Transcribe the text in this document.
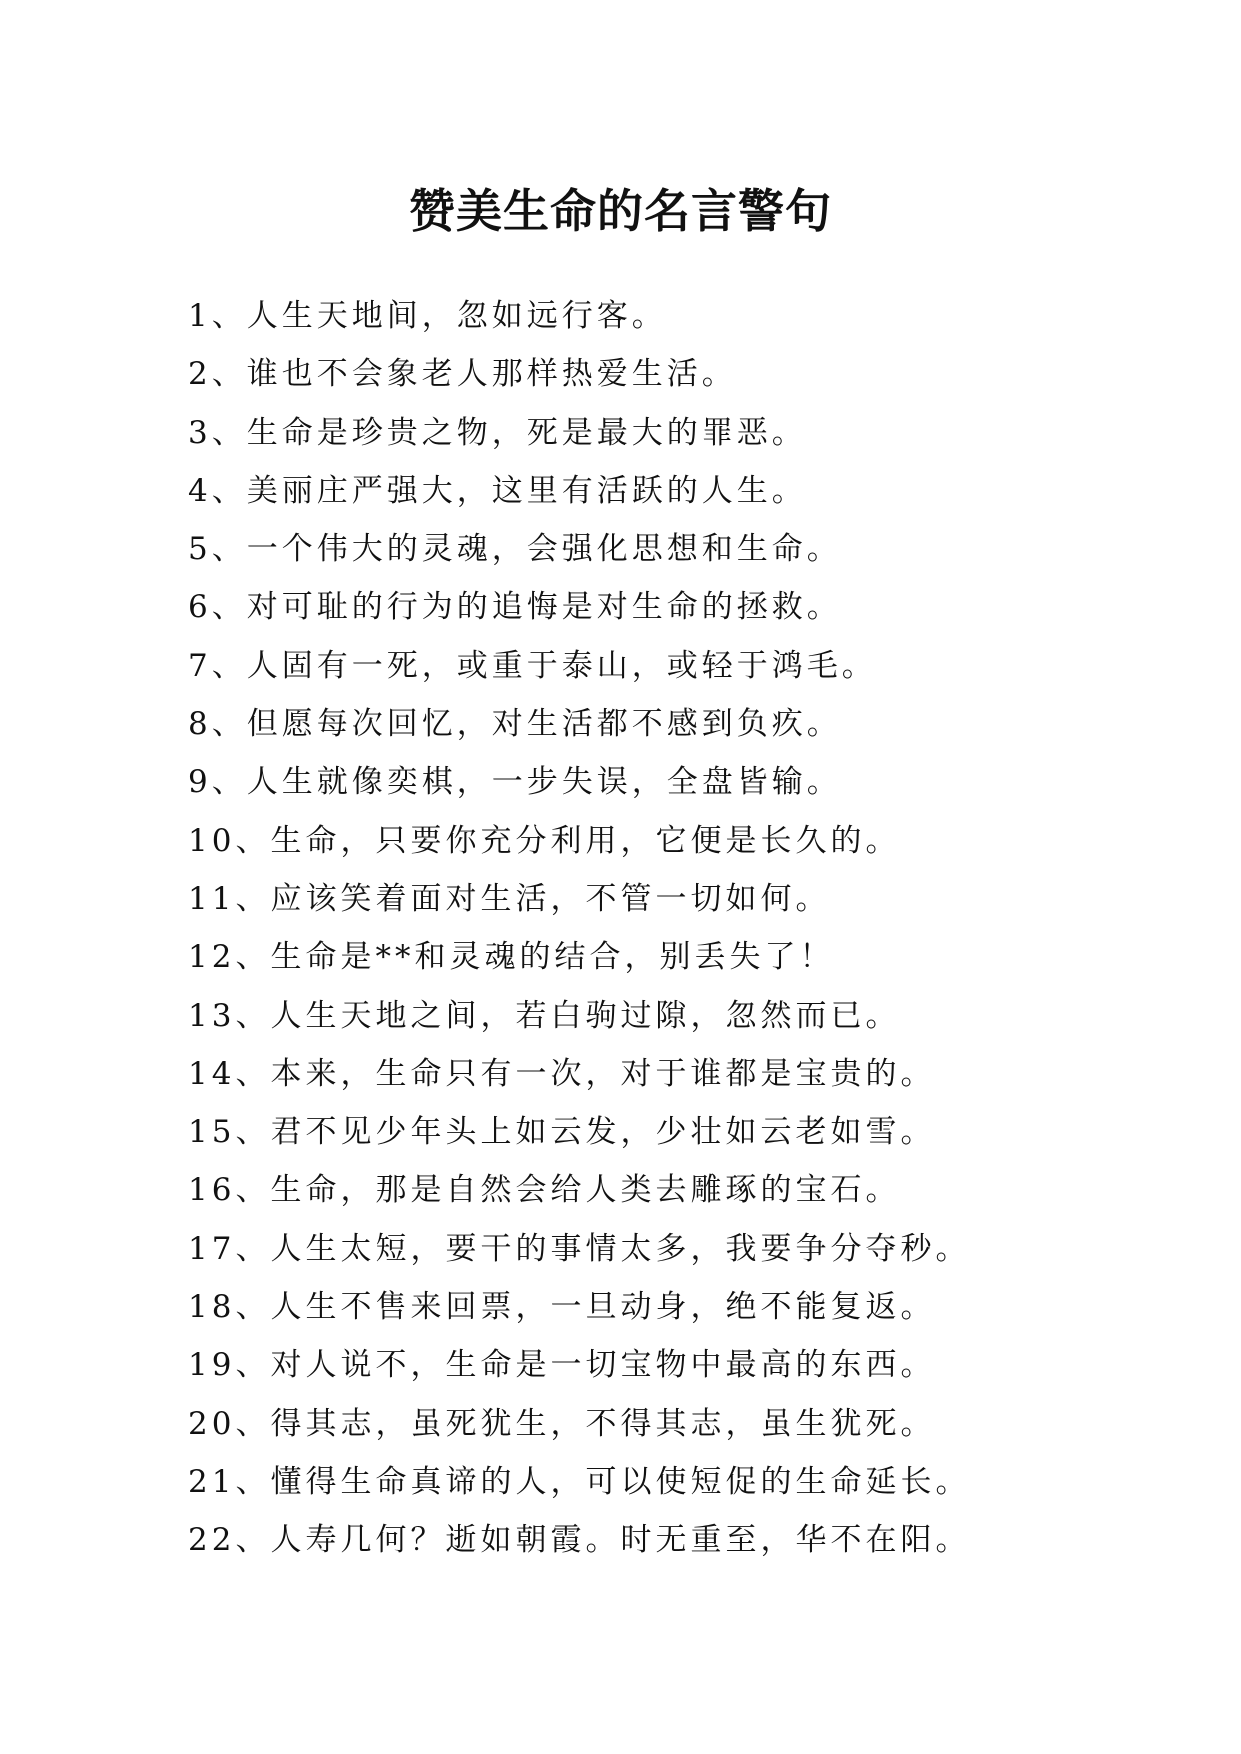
赞美生命的名言警句
1、人生天地间，忽如远行客。
2、谁也不会象老人那样热爱生活。
3、生命是珍贵之物，死是最大的罪恶。
4、美丽庄严强大，这里有活跃的人生。
5、一个伟大的灵魂，会强化思想和生命。
6、对可耻的行为的追悔是对生命的拯救。
7、人固有一死，或重于泰山，或轻于鸿毛。
8、但愿每次回忆，对生活都不感到负疚。
9、人生就像奕棋，一步失误，全盘皆输。
10、生命，只要你充分利用，它便是长久的。
11、应该笑着面对生活，不管一切如何。
12、生命是**和灵魂的结合，别丢失了！
13、人生天地之间，若白驹过隙，忽然而已。
14、本来，生命只有一次，对于谁都是宝贵的。
15、君不见少年头上如云发，少壮如云老如雪。
16、生命，那是自然会给人类去雕琢的宝石。
17、人生太短，要干的事情太多，我要争分夺秒。
18、人生不售来回票，一旦动身，绝不能复返。
19、对人说不，生命是一切宝物中最高的东西。
20、得其志，虽死犹生，不得其志，虽生犹死。
21、懂得生命真谛的人，可以使短促的生命延长。
22、人寿几何？逝如朝霞。时无重至，华不在阳。
